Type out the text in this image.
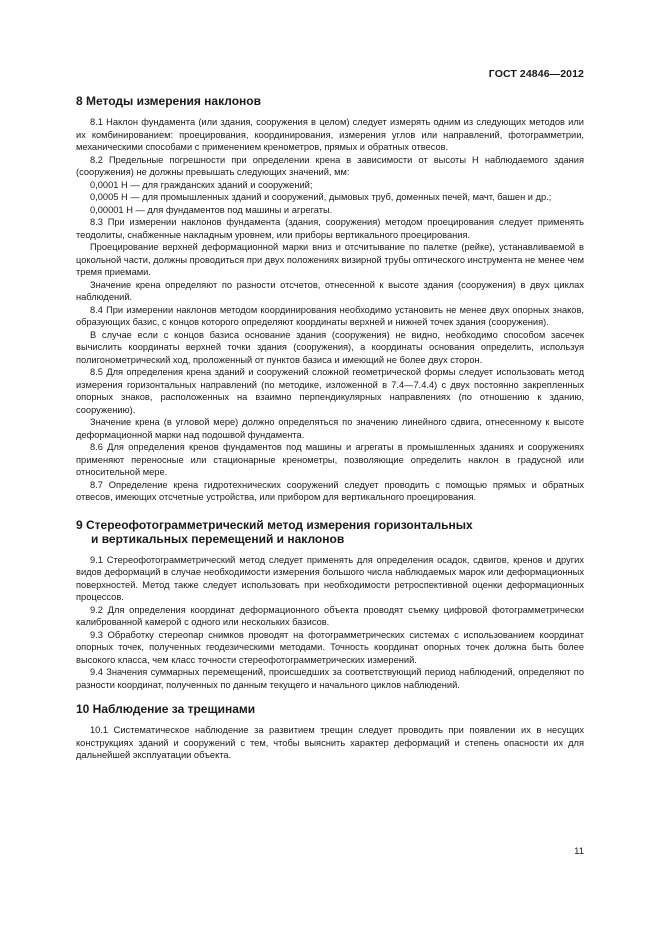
ГОСТ 24846—2012
8 Методы измерения наклонов

8.1 Наклон фундамента (или здания, сооружения в целом) следует измерять одним из следующих методов или их комбинированием: проецирования, координирования, измерения углов или направлений, фотограмметрии, механическими способами с применением кренометров, прямых и обратных отвесов.

8.2 Предельные погрешности при определении крена в зависимости от высоты H наблюдаемого здания (сооружения) не должны превышать следующих значений, мм:

0,0001 H — для гражданских зданий и сооружений;

0,0005 H — для промышленных зданий и сооружений, дымовых труб, доменных печей, мачт, башен и др.;

0,00001 H — для фундаментов под машины и агрегаты.

8.3 При измерении наклонов фундамента (здания, сооружения) методом проецирования следует применять теодолиты, снабженные накладным уровнем, или приборы вертикального проецирования.

Проецирование верхней деформационной марки вниз и отсчитывание по палетке (рейке), устанавливаемой в цокольной части, должны проводиться при двух положениях визирной трубы оптического инструмента не менее чем тремя приемами.

Значение крена определяют по разности отсчетов, отнесенной к высоте здания (сооружения) в двух циклах наблюдений.

8.4 При измерении наклонов методом координирования необходимо установить не менее двух опорных знаков, образующих базис, с концов которого определяют координаты верхней и нижней точек здания (сооружения).

В случае если с концов базиса основание здания (сооружения) не видно, необходимо способом засечек вычислить координаты верхней точки здания (сооружения), а координаты основания определить, используя полигонометрический ход, проложенный от пунктов базиса и имеющий не более двух сторон.

8.5 Для определения крена зданий и сооружений сложной геометрической формы следует использовать метод измерения горизонтальных направлений (по методике, изложенной в 7.4—7.4.4) с двух постоянно закрепленных опорных знаков, расположенных на взаимно перпендикулярных направлениях (по отношению к зданию, сооружению).

Значение крена (в угловой мере) должно определяться по значению линейного сдвига, отнесенному к высоте деформационной марки над подошвой фундамента.

8.6 Для определения кренов фундаментов под машины и агрегаты в промышленных зданиях и сооружениях применяют переносные или стационарные кренометры, позволяющие определить наклон в градусной или относительной мере.

8.7 Определение крена гидротехнических сооружений следует проводить с помощью прямых и обратных отвесов, имеющих отсчетные устройства, или прибором для вертикального проецирования.

9 Стереофотограмметрический метод измерения горизонтальных
и вертикальных перемещений и наклонов

9.1 Стереофотограмметрический метод следует применять для определения осадок, сдвигов, кренов и других видов деформаций в случае необходимости измерения большого числа наблюдаемых марок или деформационных поверхностей. Метод также следует использовать при необходимости ретроспективной оценки деформационных процессов.

9.2 Для определения координат деформационного объекта проводят съемку цифровой фотограмметрически калиброванной камерой с одного или нескольких базисов.

9.3 Обработку стереопар снимков проводят на фотограмметрических системах с использованием координат опорных точек, полученных геодезическими методами. Точность координат опорных точек должна быть более высокого класса, чем класс точности стереофотограмметрических измерений.

9.4 Значения суммарных перемещений, происшедших за соответствующий период наблюдений, определяют по разности координат, полученных по данным текущего и начального циклов наблюдений.

10 Наблюдение за трещинами

10.1 Систематическое наблюдение за развитием трещин следует проводить при появлении их в несущих конструкциях зданий и сооружений с тем, чтобы выяснить характер деформаций и степень опасности их для дальнейшей эксплуатации объекта.

11
